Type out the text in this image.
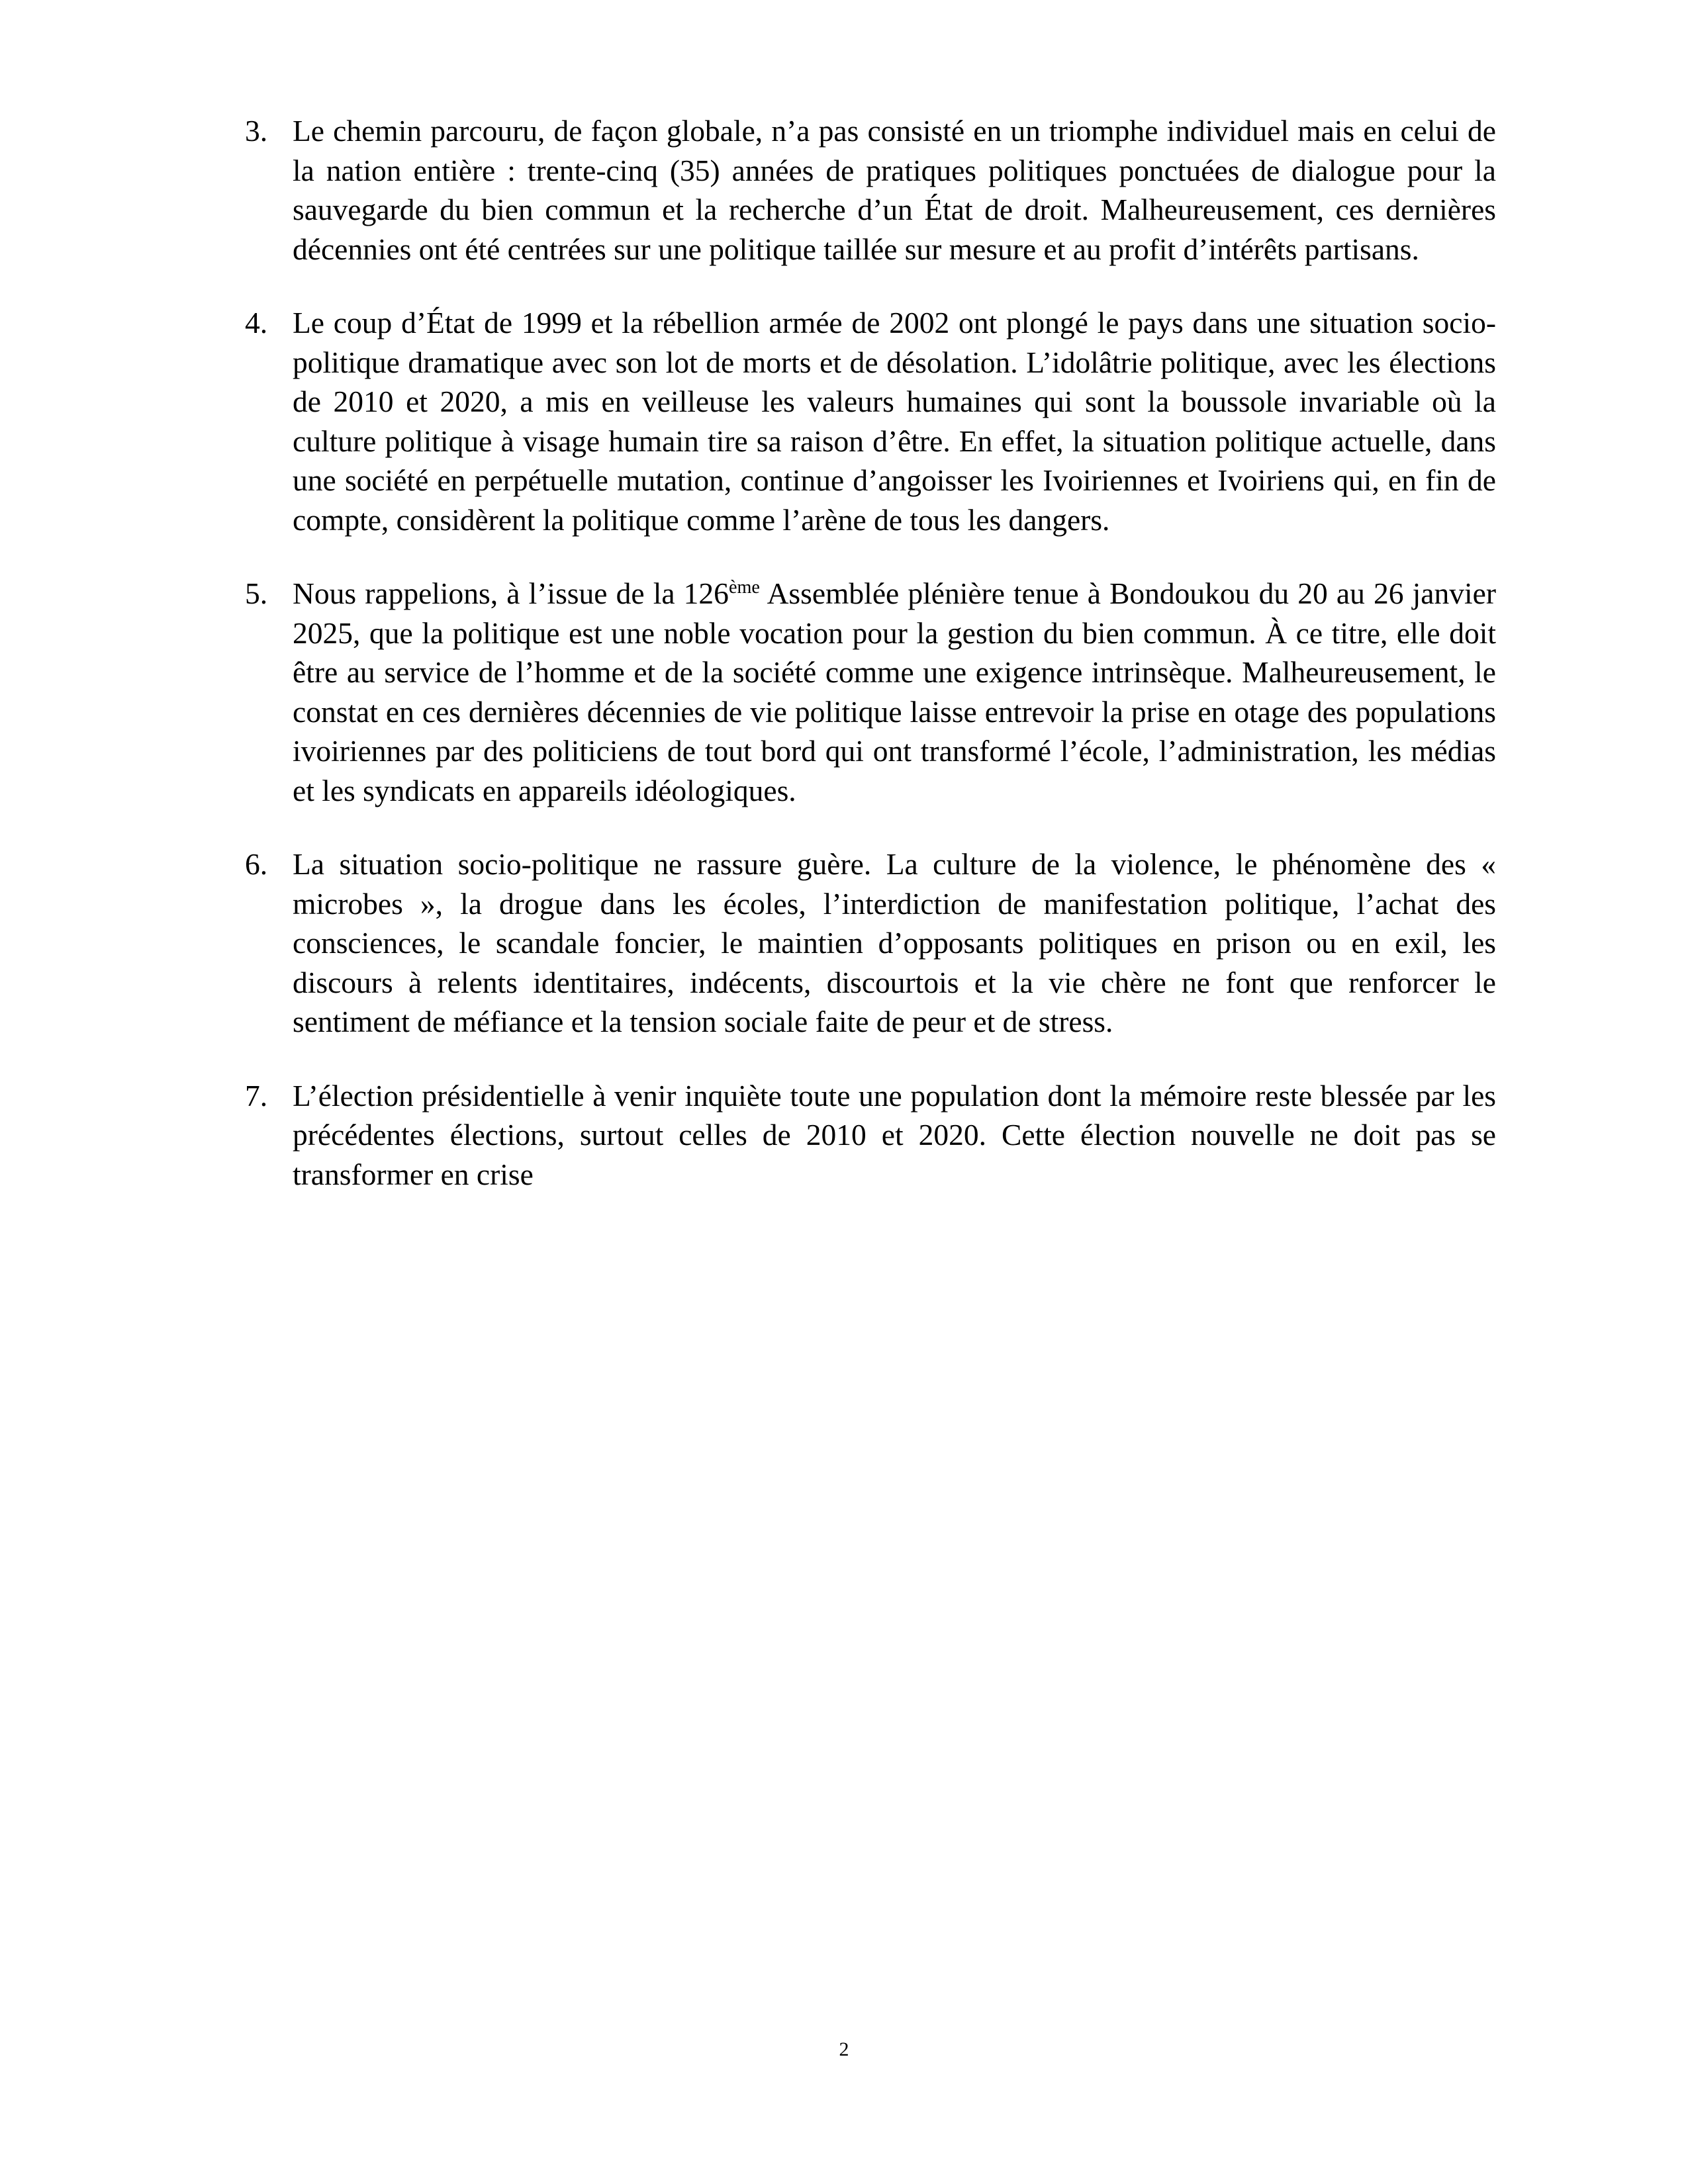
3. Le chemin parcouru, de façon globale, n’a pas consisté en un triomphe individuel mais en celui de la nation entière : trente-cinq (35) années de pratiques politiques ponctuées de dialogue pour la sauvegarde du bien commun et la recherche d’un État de droit. Malheureusement, ces dernières décennies ont été centrées sur une politique taillée sur mesure et au profit d’intérêts partisans.
4. Le coup d’État de 1999 et la rébellion armée de 2002 ont plongé le pays dans une situation socio-politique dramatique avec son lot de morts et de désolation. L’idolâtrie politique, avec les élections de 2010 et 2020, a mis en veilleuse les valeurs humaines qui sont la boussole invariable où la culture politique à visage humain tire sa raison d’être. En effet, la situation politique actuelle, dans une société en perpétuelle mutation, continue d’angoisser les Ivoiriennes et Ivoiriens qui, en fin de compte, considèrent la politique comme l’arène de tous les dangers.
5. Nous rappelions, à l’issue de la 126ème Assemblée plénière tenue à Bondoukou du 20 au 26 janvier 2025, que la politique est une noble vocation pour la gestion du bien commun. À ce titre, elle doit être au service de l’homme et de la société comme une exigence intrinsèque. Malheureusement, le constat en ces dernières décennies de vie politique laisse entrevoir la prise en otage des populations ivoiriennes par des politiciens de tout bord qui ont transformé l’école, l’administration, les médias et les syndicats en appareils idéologiques.
6. La situation socio-politique ne rassure guère. La culture de la violence, le phénomène des « microbes », la drogue dans les écoles, l’interdiction de manifestation politique, l’achat des consciences, le scandale foncier, le maintien d’opposants politiques en prison ou en exil, les discours à relents identitaires, indécents, discourtois et la vie chère ne font que renforcer le sentiment de méfiance et la tension sociale faite de peur et de stress.
7. L’élection présidentielle à venir inquiète toute une population dont la mémoire reste blessée par les précédentes élections, surtout celles de 2010 et 2020. Cette élection nouvelle ne doit pas se transformer en crise
2
